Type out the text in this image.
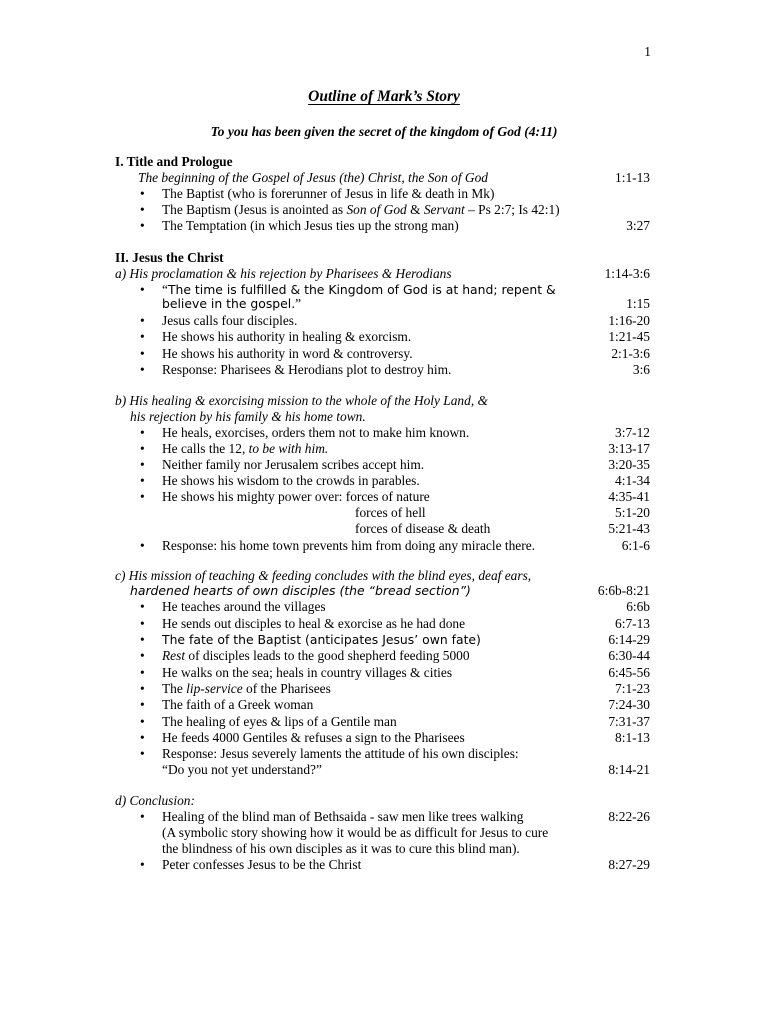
1
Outline of Mark’s Story
To you has been given the secret of the kingdom of God (4:11)
I. Title and Prologue
The beginning of the Gospel of Jesus (the) Christ, the Son of God	1:1-13
• The Baptist (who is forerunner of Jesus in life & death in Mk)
• The Baptism (Jesus is anointed as Son of God & Servant – Ps 2:7; Is 42:1)
• The Temptation (in which Jesus ties up the strong man)	3:27
II. Jesus the Christ
a) His proclamation & his rejection by Pharisees & Herodians	1:14-3:6
• “The time is fulfilled & the Kingdom of God is at hand; repent &
believe in the gospel.”	1:15
• Jesus calls four disciples.	1:16-20
• He shows his authority in healing & exorcism.	1:21-45
• He shows his authority in word & controversy.	2:1-3:6
• Response: Pharisees & Herodians plot to destroy him.	3:6
b) His healing & exorcising mission to the whole of the Holy Land, &
his rejection by his family & his home town.
• He heals, exorcises, orders them not to make him known.	3:7-12
• He calls the 12, to be with him.	3:13-17
• Neither family nor Jerusalem scribes accept him.	3:20-35
• He shows his wisdom to the crowds in parables.	4:1-34
• He shows his mighty power over: forces of nature	4:35-41
forces of hell	5:1-20
forces of disease & death	5:21-43
• Response: his home town prevents him from doing any miracle there.	6:1-6
c) His mission of teaching & feeding concludes with the blind eyes, deaf ears,
hardened hearts of own disciples (the “bread section”)	6:6b-8:21
• He teaches around the villages	6:6b
• He sends out disciples to heal & exorcise as he had done	6:7-13
• The fate of the Baptist (anticipates Jesus’ own fate)	6:14-29
• Rest of disciples leads to the good shepherd feeding 5000	6:30-44
• He walks on the sea; heals in country villages & cities	6:45-56
• The lip-service of the Pharisees	7:1-23
• The faith of a Greek woman	7:24-30
• The healing of eyes & lips of a Gentile man	7:31-37
• He feeds 4000 Gentiles & refuses a sign to the Pharisees	8:1-13
• Response: Jesus severely laments the attitude of his own disciples:
“Do you not yet understand?”	8:14-21
d) Conclusion:
• Healing of the blind man of Bethsaida - saw men like trees walking	8:22-26
(A symbolic story showing how it would be as difficult for Jesus to cure
the blindness of his own disciples as it was to cure this blind man).
• Peter confesses Jesus to be the Christ	8:27-29
